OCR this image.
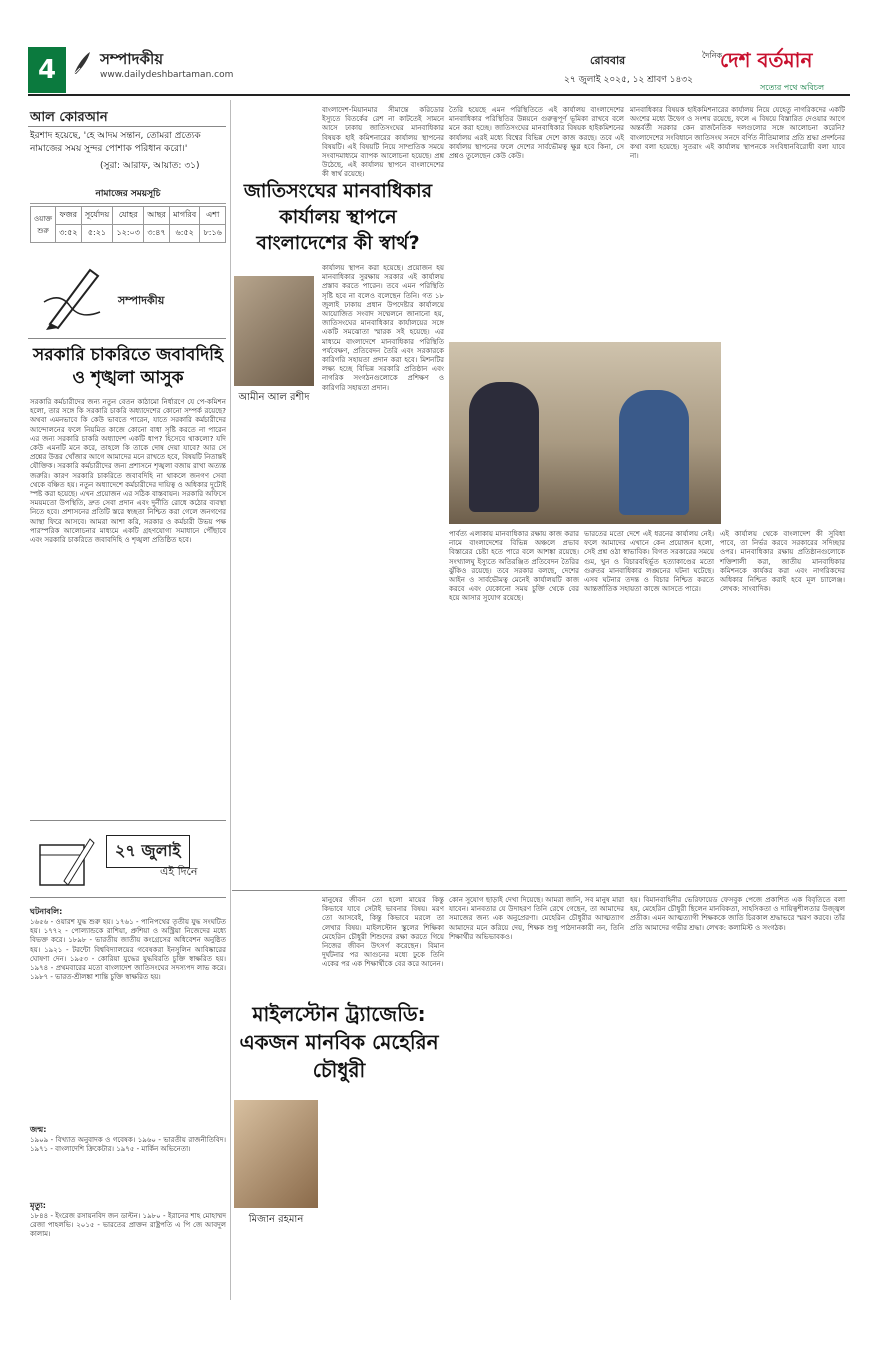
4	সম্পাদকীয়
www.dailydeshbartaman.com
রোববার
২৭ জুলাই ২০২৫, ১২ শ্রাবণ ১৪৩২
দৈনিক
দেশ বর্তমান
সত্যের পথে অবিচল
আল কোরআন
ইরশাদ হয়েছে, 'হে আদম সন্তান, তোমরা প্রত্যেক নামাজের সময় সুন্দর পোশাক পরিধান করো।'
(সুরা: আরাফ, আয়াত: ৩১)
নামাজের সময়সূচি
ওয়াক্ত শুরু	ফজর	সূর্যোদয়	যোহর	আছর	মাগরিব	এশা
	৩:৫২	৫:২১	১২:০৩	৩:৪৭	৬:৫২	৮:১৬
সম্পাদকীয়
সরকারি চাকরিতে জবাবদিহি ও শৃঙ্খলা আসুক
সরকারি কর্মচারীদের জন্য নতুন বেতন কাঠামো নির্ধারণে যে পে-কমিশন হলো, তার সঙ্গে কি সরকারি চাকরি অধ্যাদেশের কোনো সম্পর্ক রয়েছে? অথবা এমনভাবে কি কেউ ভাবতে পারেন, যাতে সরকারি কর্মচারীদের আন্দোলনের ফলে নিয়মিত কাজে কোনো বাধা সৃষ্টি করতে না পারেন এর জন্য সরকারি চাকরি অধ্যাদেশ একটি ধাপ? হিসেবে থাকলো? যদি কেউ এমনটি মনে করে, তাহলে কি তাকে দোষ দেয়া যাবে? আর সে প্রশ্নের উত্তর খোঁজার আগে আমাদের মনে রাখতে হবে, বিষয়টি নিতান্তই যৌক্তিক। সরকারি কর্মচারীদের জন্য প্রশাসনে শৃঙ্খলা বজায় রাখা অত্যন্ত জরুরি। কারণ সরকারি চাকরিতে জবাবদিহি না থাকলে জনগণ সেবা থেকে বঞ্চিত হয়। নতুন অধ্যাদেশে কর্মচারীদের দায়িত্ব ও অধিকার দুটোই স্পষ্ট করা হয়েছে। এখন প্রয়োজন এর সঠিক বাস্তবায়ন। সরকারি অফিসে সময়মতো উপস্থিতি, দ্রুত সেবা প্রদান এবং দুর্নীতি রোধে কঠোর ব্যবস্থা নিতে হবে। প্রশাসনের প্রতিটি স্তরে স্বচ্ছতা নিশ্চিত করা গেলে জনগণের আস্থা ফিরে আসবে। আমরা আশা করি, সরকার ও কর্মচারী উভয় পক্ষ পারস্পরিক আলোচনার মাধ্যমে একটি গ্রহণযোগ্য সমাধানে পৌঁছাবে এবং সরকারি চাকরিতে জবাবদিহি ও শৃঙ্খলা প্রতিষ্ঠিত হবে।
২৭ জুলাই
এই দিনে
ঘটনাবলি:
১৬৫৬ - ওয়ারশ যুদ্ধ শুরু হয়। ১৭৬১ - পানিপথের তৃতীয় যুদ্ধ সংঘটিত হয়। ১৭৭২ - পোল্যান্ডকে রাশিয়া, প্রুশিয়া ও অস্ট্রিয়া নিজেদের মধ্যে বিভক্ত করে। ১৮৯৮ - ভারতীয় জাতীয় কংগ্রেসের অধিবেশন অনুষ্ঠিত হয়। ১৯২১ - টরন্টো বিশ্ববিদ্যালয়ের গবেষকরা ইনসুলিন আবিষ্কারের ঘোষণা দেন। ১৯৫৩ - কোরিয়া যুদ্ধের যুদ্ধবিরতি চুক্তি স্বাক্ষরিত হয়। ১৯৭৪ - প্রথমবারের মতো বাংলাদেশ জাতিসংঘের সদস্যপদ লাভ করে। ১৯৮৭ - ভারত-শ্রীলঙ্কা শান্তি চুক্তি স্বাক্ষরিত হয়।
জন্ম:
১৯০৯ - বিখ্যাত অনুবাদক ও গবেষক। ১৯৬০ - ভারতীয় রাজনীতিবিদ। ১৯৭১ - বাংলাদেশি ক্রিকেটার। ১৯৭৫ - মার্কিন অভিনেতা।
মৃত্যু:
১৮৪৪ - ইংরেজ রসায়নবিদ জন ডাল্টন। ১৯৮০ - ইরানের শাহ মোহাম্মদ রেজা পাহলভি। ২০১৫ - ভারতের প্রাক্তন রাষ্ট্রপতি এ পি জে আবদুল কালাম।
জাতিসংঘের মানবাধিকার কার্যালয় স্থাপনে বাংলাদেশের কী স্বার্থ?
আমীন আল রশীদ
বাংলাদেশ-মিয়ানমার সীমান্তে করিডোর ইস্যুতে বিতর্কের রেশ না কাটতেই সামনে আসে ঢাকায় জাতিসংঘের মানবাধিকার বিষয়ক হাই কমিশনারের কার্যালয় স্থাপনের বিষয়টি। এই বিষয়টি নিয়ে সাম্প্রতিক সময়ে সংবাদমাধ্যমে ব্যাপক আলোচনা হয়েছে। প্রশ্ন উঠেছে, এই কার্যালয় স্থাপনে বাংলাদেশের কী স্বার্থ রয়েছে।
কার্যালয় স্থাপন করা হয়েছে। প্রয়োজন হয় মানবাধিকার সুরক্ষায় সরকার এই কার্যালয় প্রস্তাব করতে পারেন। তবে এমন পরিস্থিতি সৃষ্টি হবে না বলেও বলেছেন তিনি। গত ১৮ জুলাই ঢাকায় প্রধান উপদেষ্টার কার্যালয়ে আয়োজিত সংবাদ সম্মেলনে জানানো হয়, জাতিসংঘের মানবাধিকার কার্যালয়ের সঙ্গে একটি সমঝোতা স্মারক সই হয়েছে। এর মাধ্যমে বাংলাদেশে মানবাধিকার পরিস্থিতি পর্যবেক্ষণ, প্রতিবেদন তৈরি এবং সরকারকে কারিগরি সহায়তা প্রদান করা হবে। মিশনটির লক্ষ্য হচ্ছে বিভিন্ন সরকারি প্রতিষ্ঠান এবং নাগরিক সংগঠনগুলোকে প্রশিক্ষণ ও কারিগরি সহায়তা প্রদান।
তৈরি হয়েছে এমন পরিস্থিতিতে এই কার্যালয় বাংলাদেশের মানবাধিকার পরিস্থিতির উন্নয়নে গুরুত্বপূর্ণ ভূমিকা রাখবে বলে মনে করা হচ্ছে। জাতিসংঘের মানবাধিকার বিষয়ক হাইকমিশনের কার্যালয় এরই মধ্যে বিশ্বের বিভিন্ন দেশে কাজ করছে। তবে এই কার্যালয় স্থাপনের ফলে দেশের সার্বভৌমত্ব ক্ষুণ্ণ হবে কিনা, সে প্রশ্নও তুলেছেন কেউ কেউ।
মানবাধিকার বিষয়ক হাইকমিশনারের কার্যালয় নিয়ে যেহেতু নাগরিকদের একটি অংশের মধ্যে উদ্বেগ ও সংশয় রয়েছে, ফলে এ বিষয়ে বিস্তারিত দেওয়ার আগে অন্তর্বর্তী সরকার কেন রাজনৈতিক দলগুলোর সঙ্গে আলোচনা করেনি? বাংলাদেশের সংবিধানে জাতিসংঘ সনদে বর্ণিত নীতিমালার প্রতি শ্রদ্ধা প্রদর্শনের কথা বলা হয়েছে। সুতরাং এই কার্যালয় স্থাপনকে সংবিধানবিরোধী বলা যাবে না।
পার্বত্য এলাকায় মানবাধিকার রক্ষায় কাজ করার নামে বাংলাদেশের বিভিন্ন অঞ্চলে প্রভাব বিস্তারের চেষ্টা হতে পারে বলে আশঙ্কা রয়েছে। সংখ্যালঘু ইস্যুতে অতিরঞ্জিত প্রতিবেদন তৈরির ঝুঁকিও রয়েছে। তবে সরকার বলছে, দেশের আইন ও সার্বভৌমত্ব মেনেই কার্যালয়টি কাজ করবে এবং যেকোনো সময় চুক্তি থেকে বের হয়ে আসার সুযোগ রয়েছে।
ভারতের মতো দেশে এই ধরনের কার্যালয় নেই। ফলে আমাদের এখানে কেন প্রয়োজন হলো, সেই প্রশ্ন ওঠা স্বাভাবিক। বিগত সরকারের সময়ে গুম, খুন ও বিচারবহির্ভূত হত্যাকাণ্ডের মতো গুরুতর মানবাধিকার লঙ্ঘনের ঘটনা ঘটেছে। এসব ঘটনার তদন্ত ও বিচার নিশ্চিত করতে আন্তর্জাতিক সহায়তা কাজে আসতে পারে।
এই কার্যালয় থেকে বাংলাদেশ কী সুবিধা পাবে, তা নির্ভর করবে সরকারের সদিচ্ছার ওপর। মানবাধিকার রক্ষায় প্রতিষ্ঠানগুলোকে শক্তিশালী করা, জাতীয় মানবাধিকার কমিশনকে কার্যকর করা এবং নাগরিকদের অধিকার নিশ্চিত করাই হবে মূল চ্যালেঞ্জ। লেখক: সাংবাদিক।
মাইলস্টোন ট্র্যাজেডি: একজন মানবিক মেহেরিন চৌধুরী
মিজান রহমান
মানুষের জীবন তো হলো মায়ের কিন্তু কিভাবে যাবে সেটাই ভাবনার বিষয়। মরণ তো আসবেই, কিন্তু কিভাবে মরলে তা লেখার বিষয়। মাইলস্টোন স্কুলের শিক্ষিকা মেহেরিন চৌধুরী শিশুদের রক্ষা করতে গিয়ে নিজের জীবন উৎসর্গ করেছেন। বিমান দুর্ঘটনার পর আগুনের মধ্যে ঢুকে তিনি একের পর এক শিক্ষার্থীকে বের করে আনেন।
কোন সুযোগ ছাড়াই দেখা দিয়েছে। আমরা জানি, সব মানুষ মারা যাবেন। মানবতার যে উদাহরণ তিনি রেখে গেছেন, তা আমাদের সমাজের জন্য এক অনুপ্রেরণা। মেহেরিন চৌধুরীর আত্মত্যাগ আমাদের মনে করিয়ে দেয়, শিক্ষক শুধু পাঠদানকারী নন, তিনি শিক্ষার্থীর অভিভাবকও।
হয়। বিমানবাহিনীর ভেরিফায়েড ফেসবুক পেজে প্রকাশিত এক বিবৃতিতে বলা হয়, মেহেরিন চৌধুরী ছিলেন মানবিকতা, সাহসিকতা ও দায়িত্বশীলতার উজ্জ্বল প্রতীক। এমন আত্মত্যাগী শিক্ষককে জাতি চিরকাল শ্রদ্ধাভরে স্মরণ করবে। তাঁর প্রতি আমাদের গভীর শ্রদ্ধা। লেখক: কলামিস্ট ও সংগঠক।
